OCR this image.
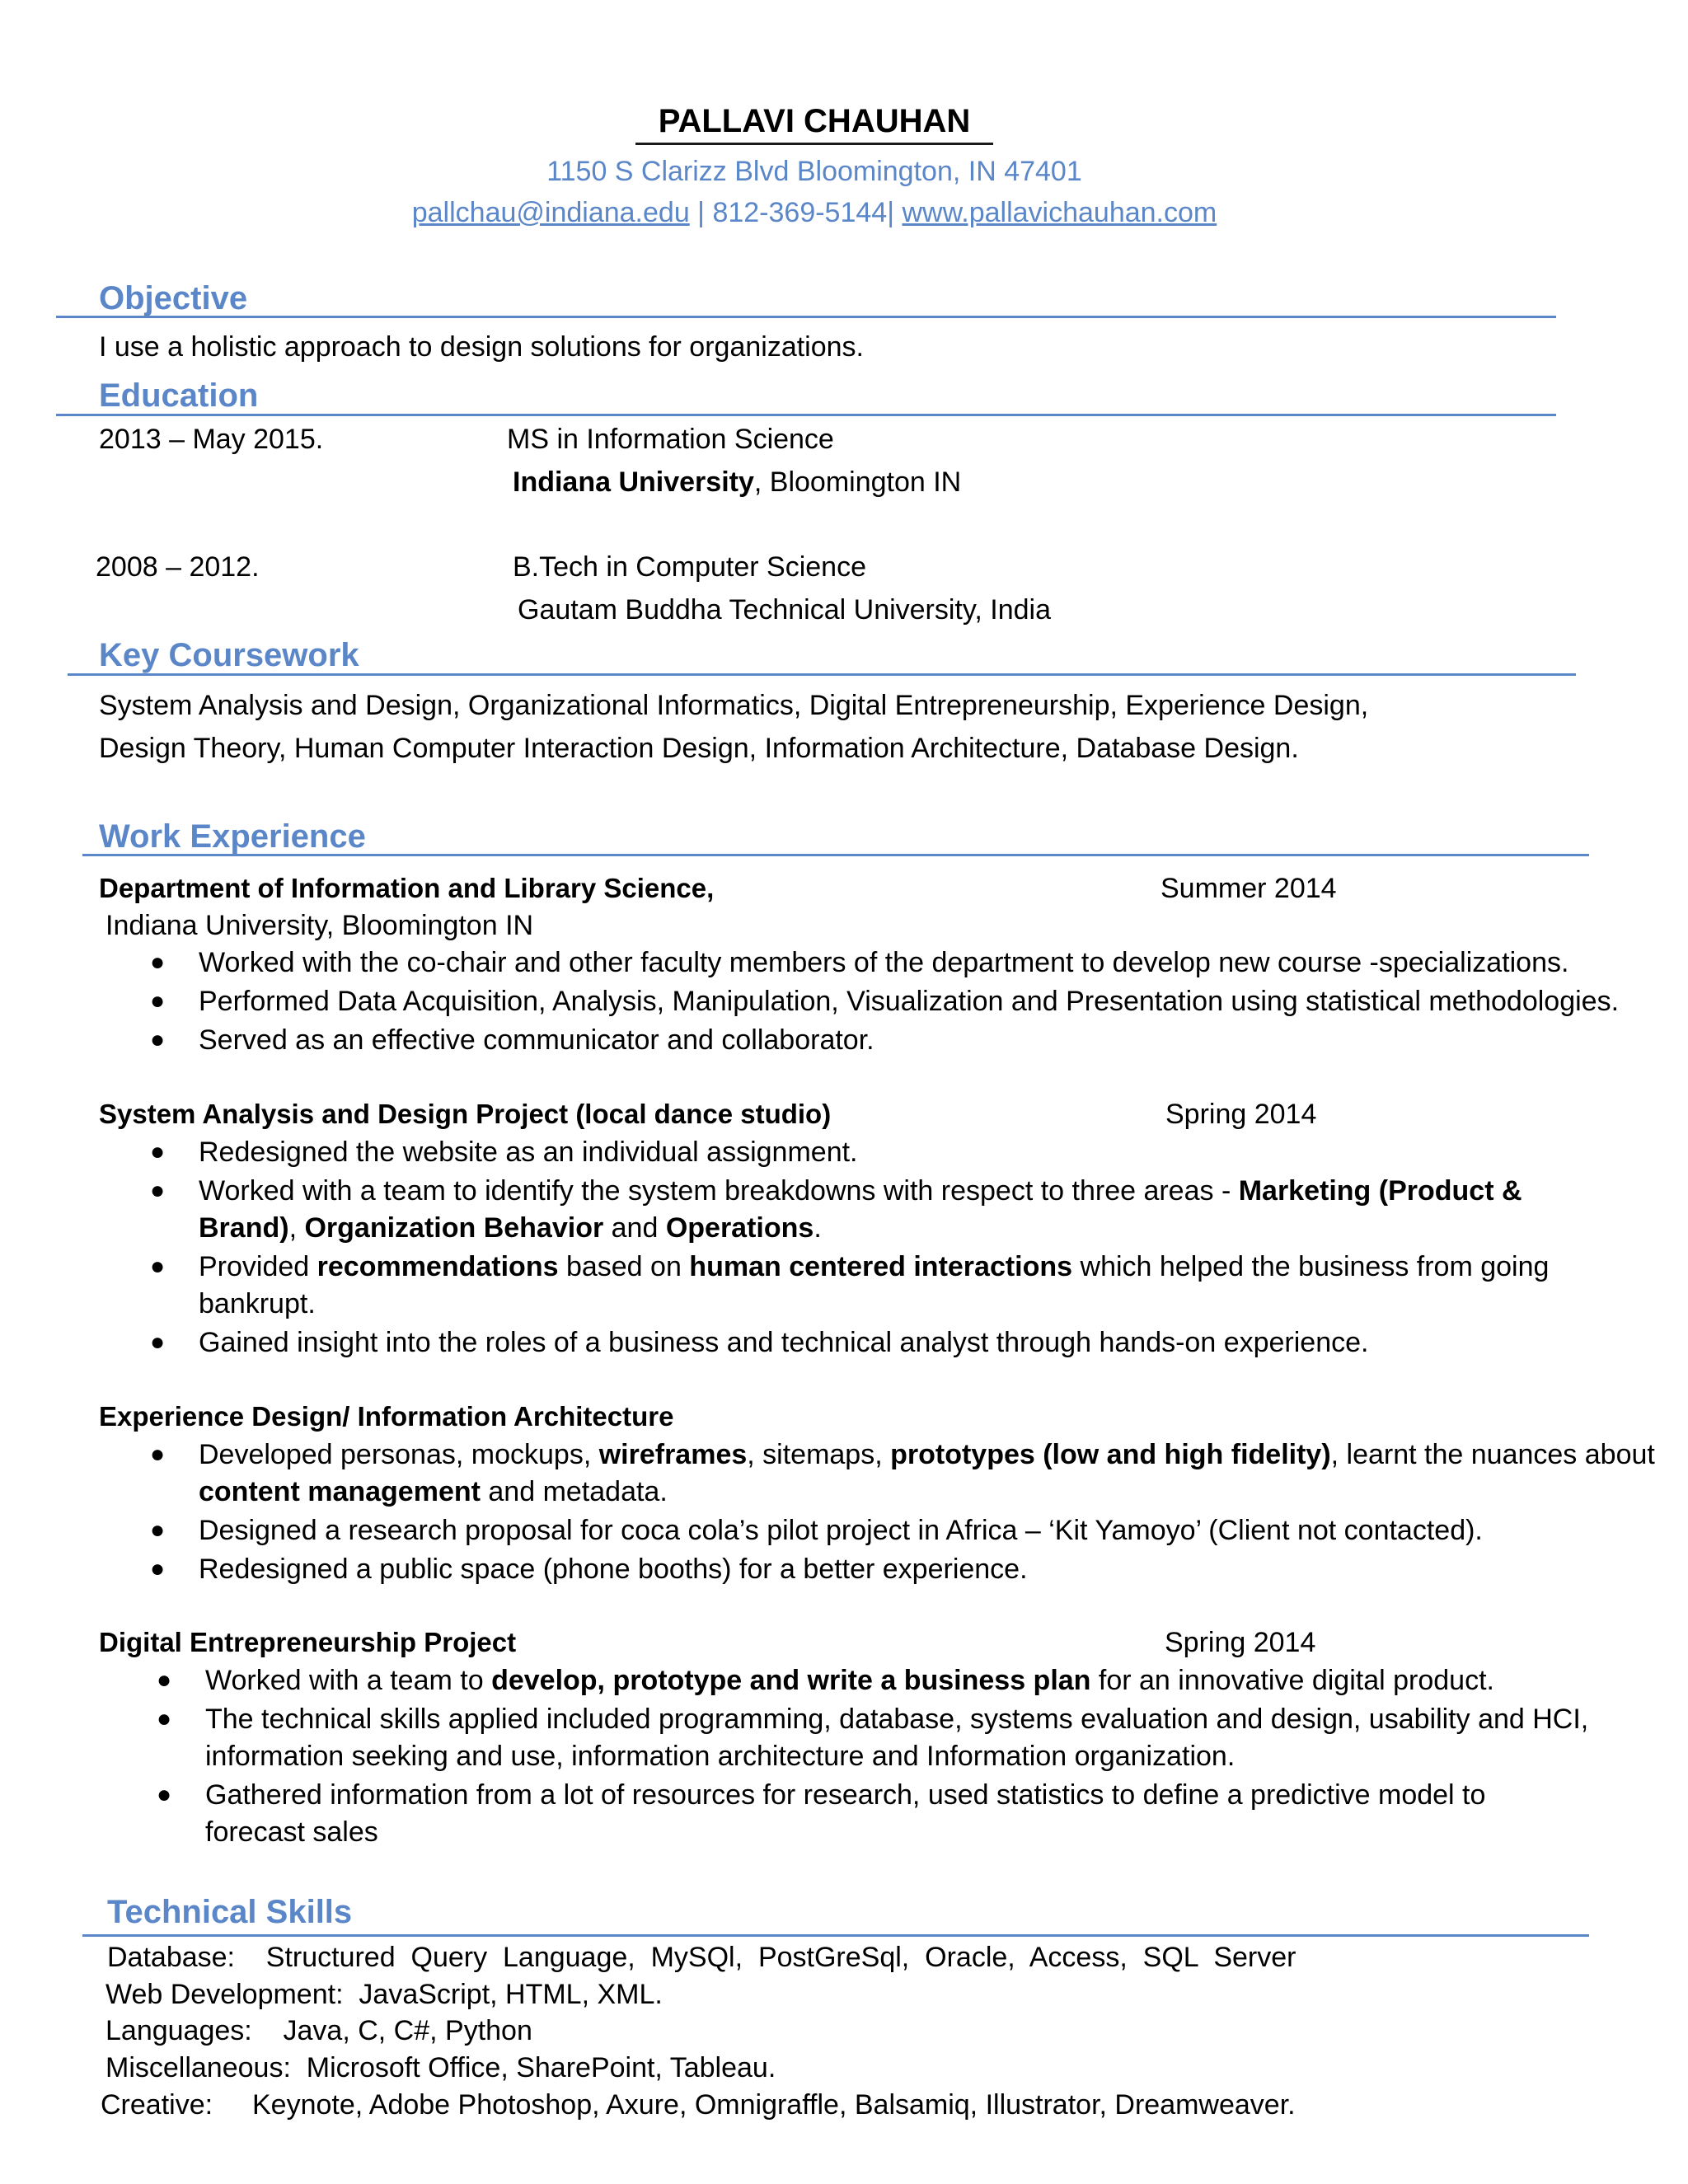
PALLAVI CHAUHAN
1150 S Clarizz Blvd Bloomington, IN 47401
pallchau@indiana.edu | 812-369-5144| www.pallavichauhan.com
Objective
I use a holistic approach to design solutions for organizations.
Education
2013 – May 2015.	MS in Information Science
Indiana University, Bloomington IN
2008 – 2012.	B.Tech in Computer Science
Gautam Buddha Technical University, India
Key Coursework
System Analysis and Design, Organizational Informatics, Digital Entrepreneurship, Experience Design,
Design Theory, Human Computer Interaction Design, Information Architecture, Database Design.
Work Experience
Department of Information and Library Science,	Summer 2014
Indiana University, Bloomington IN
● Worked with the co-chair and other faculty members of the department to develop new course -specializations.
● Performed Data Acquisition, Analysis, Manipulation, Visualization and Presentation using statistical methodologies.
● Served as an effective communicator and collaborator.
System Analysis and Design Project (local dance studio)	Spring 2014
● Redesigned the website as an individual assignment.
● Worked with a team to identify the system breakdowns with respect to three areas - Marketing (Product &
Brand), Organization Behavior and Operations.
● Provided recommendations based on human centered interactions which helped the business from going
bankrupt.
● Gained insight into the roles of a business and technical analyst through hands-on experience.
Experience Design/ Information Architecture
● Developed personas, mockups, wireframes, sitemaps, prototypes (low and high fidelity), learnt the nuances about
content management and metadata.
● Designed a research proposal for coca cola’s pilot project in Africa – ‘Kit Yamoyo’ (Client not contacted).
● Redesigned a public space (phone booths) for a better experience.
Digital Entrepreneurship Project	Spring 2014
● Worked with a team to develop, prototype and write a business plan for an innovative digital product.
● The technical skills applied included programming, database, systems evaluation and design, usability and HCI,
information seeking and use, information architecture and Information organization.
● Gathered information from a lot of resources for research, used statistics to define a predictive model to
forecast sales
Technical Skills
Database:    Structured  Query  Language,  MySQl,  PostGreSql,  Oracle,  Access,  SQL  Server
Web Development:  JavaScript, HTML, XML.
Languages:    Java, C, C#, Python
Miscellaneous:  Microsoft Office, SharePoint, Tableau.
Creative: Keynote, Adobe Photoshop, Axure, Omnigraffle, Balsamiq, Illustrator, Dreamweaver.
